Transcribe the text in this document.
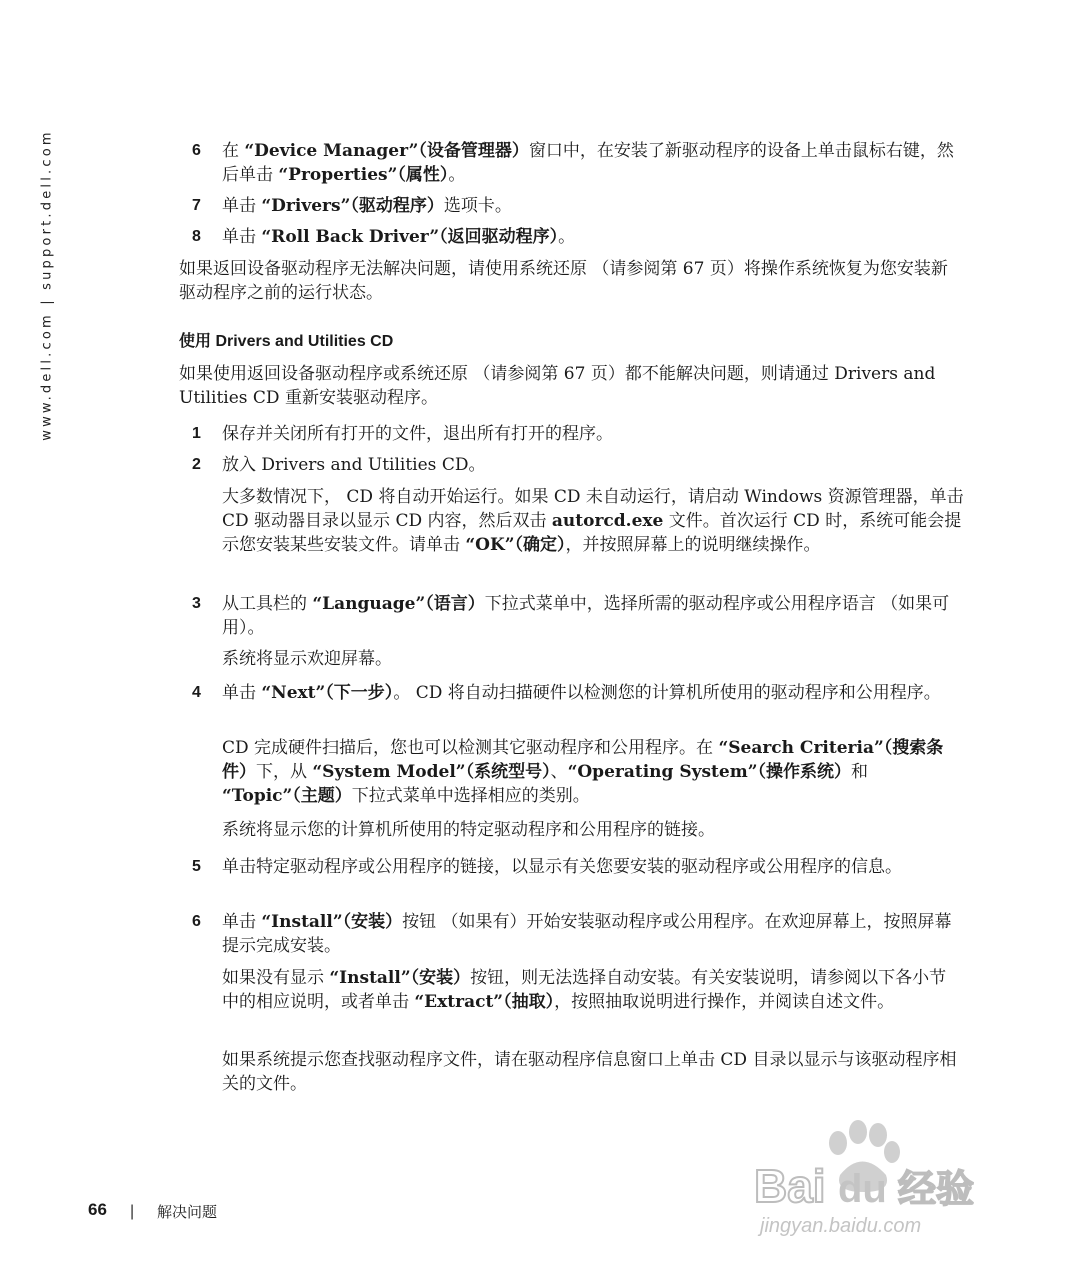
www.dell.com | support.dell.com	6 在 “Device Manager”（设备管理器）窗口中，在安装了新驱动程序的设备上单击鼠标右键，然后单击 “Properties”（属性）。

7 单击 “Drivers”（驱动程序）选项卡。

8 单击 “Roll Back Driver”（返回驱动程序）。

如果返回设备驱动程序无法解决问题，请使用系统还原 （请参阅第 67 页）将操作系统恢复为您安装新驱动程序之前的运行状态。

使用 Drivers and Utilities CD

如果使用返回设备驱动程序或系统还原 （请参阅第 67 页）都不能解决问题，则请通过 Drivers and Utilities CD 重新安装驱动程序。

1 保存并关闭所有打开的文件，退出所有打开的程序。

2 放入 Drivers and Utilities CD。

大多数情况下， CD 将自动开始运行。如果 CD 未自动运行，请启动 Windows 资源管理器，单击 CD 驱动器目录以显示 CD 内容，然后双击 autorcd.exe 文件。首次运行 CD 时，系统可能会提示您安装某些安装文件。请单击 “OK”（确定），并按照屏幕上的说明继续操作。

3 从工具栏的 “Language”（语言）下拉式菜单中，选择所需的驱动程序或公用程序语言 （如果可用）。

系统将显示欢迎屏幕。

4 单击 “Next”（下一步）。 CD 将自动扫描硬件以检测您的计算机所使用的驱动程序和公用程序。

CD 完成硬件扫描后，您也可以检测其它驱动程序和公用程序。在 “Search Criteria”（搜索条件）下，从 “System Model”（系统型号）、“Operating System”（操作系统）和 “Topic”（主题）下拉式菜单中选择相应的类别。

系统将显示您的计算机所使用的特定驱动程序和公用程序的链接。

5 单击特定驱动程序或公用程序的链接，以显示有关您要安装的驱动程序或公用程序的信息。

6 单击 “Install”（安装）按钮 （如果有）开始安装驱动程序或公用程序。在欢迎屏幕上，按照屏幕提示完成安装。

如果没有显示 “Install”（安装）按钮，则无法选择自动安装。有关安装说明，请参阅以下各小节中的相应说明，或者单击 “Extract”（抽取），按照抽取说明进行操作，并阅读自述文件。

如果系统提示您查找驱动程序文件，请在驱动程序信息窗口上单击 CD 目录以显示与该驱动程序相关的文件。

66 | 解决问题	Bai du 经验
jingyan.baidu.com
